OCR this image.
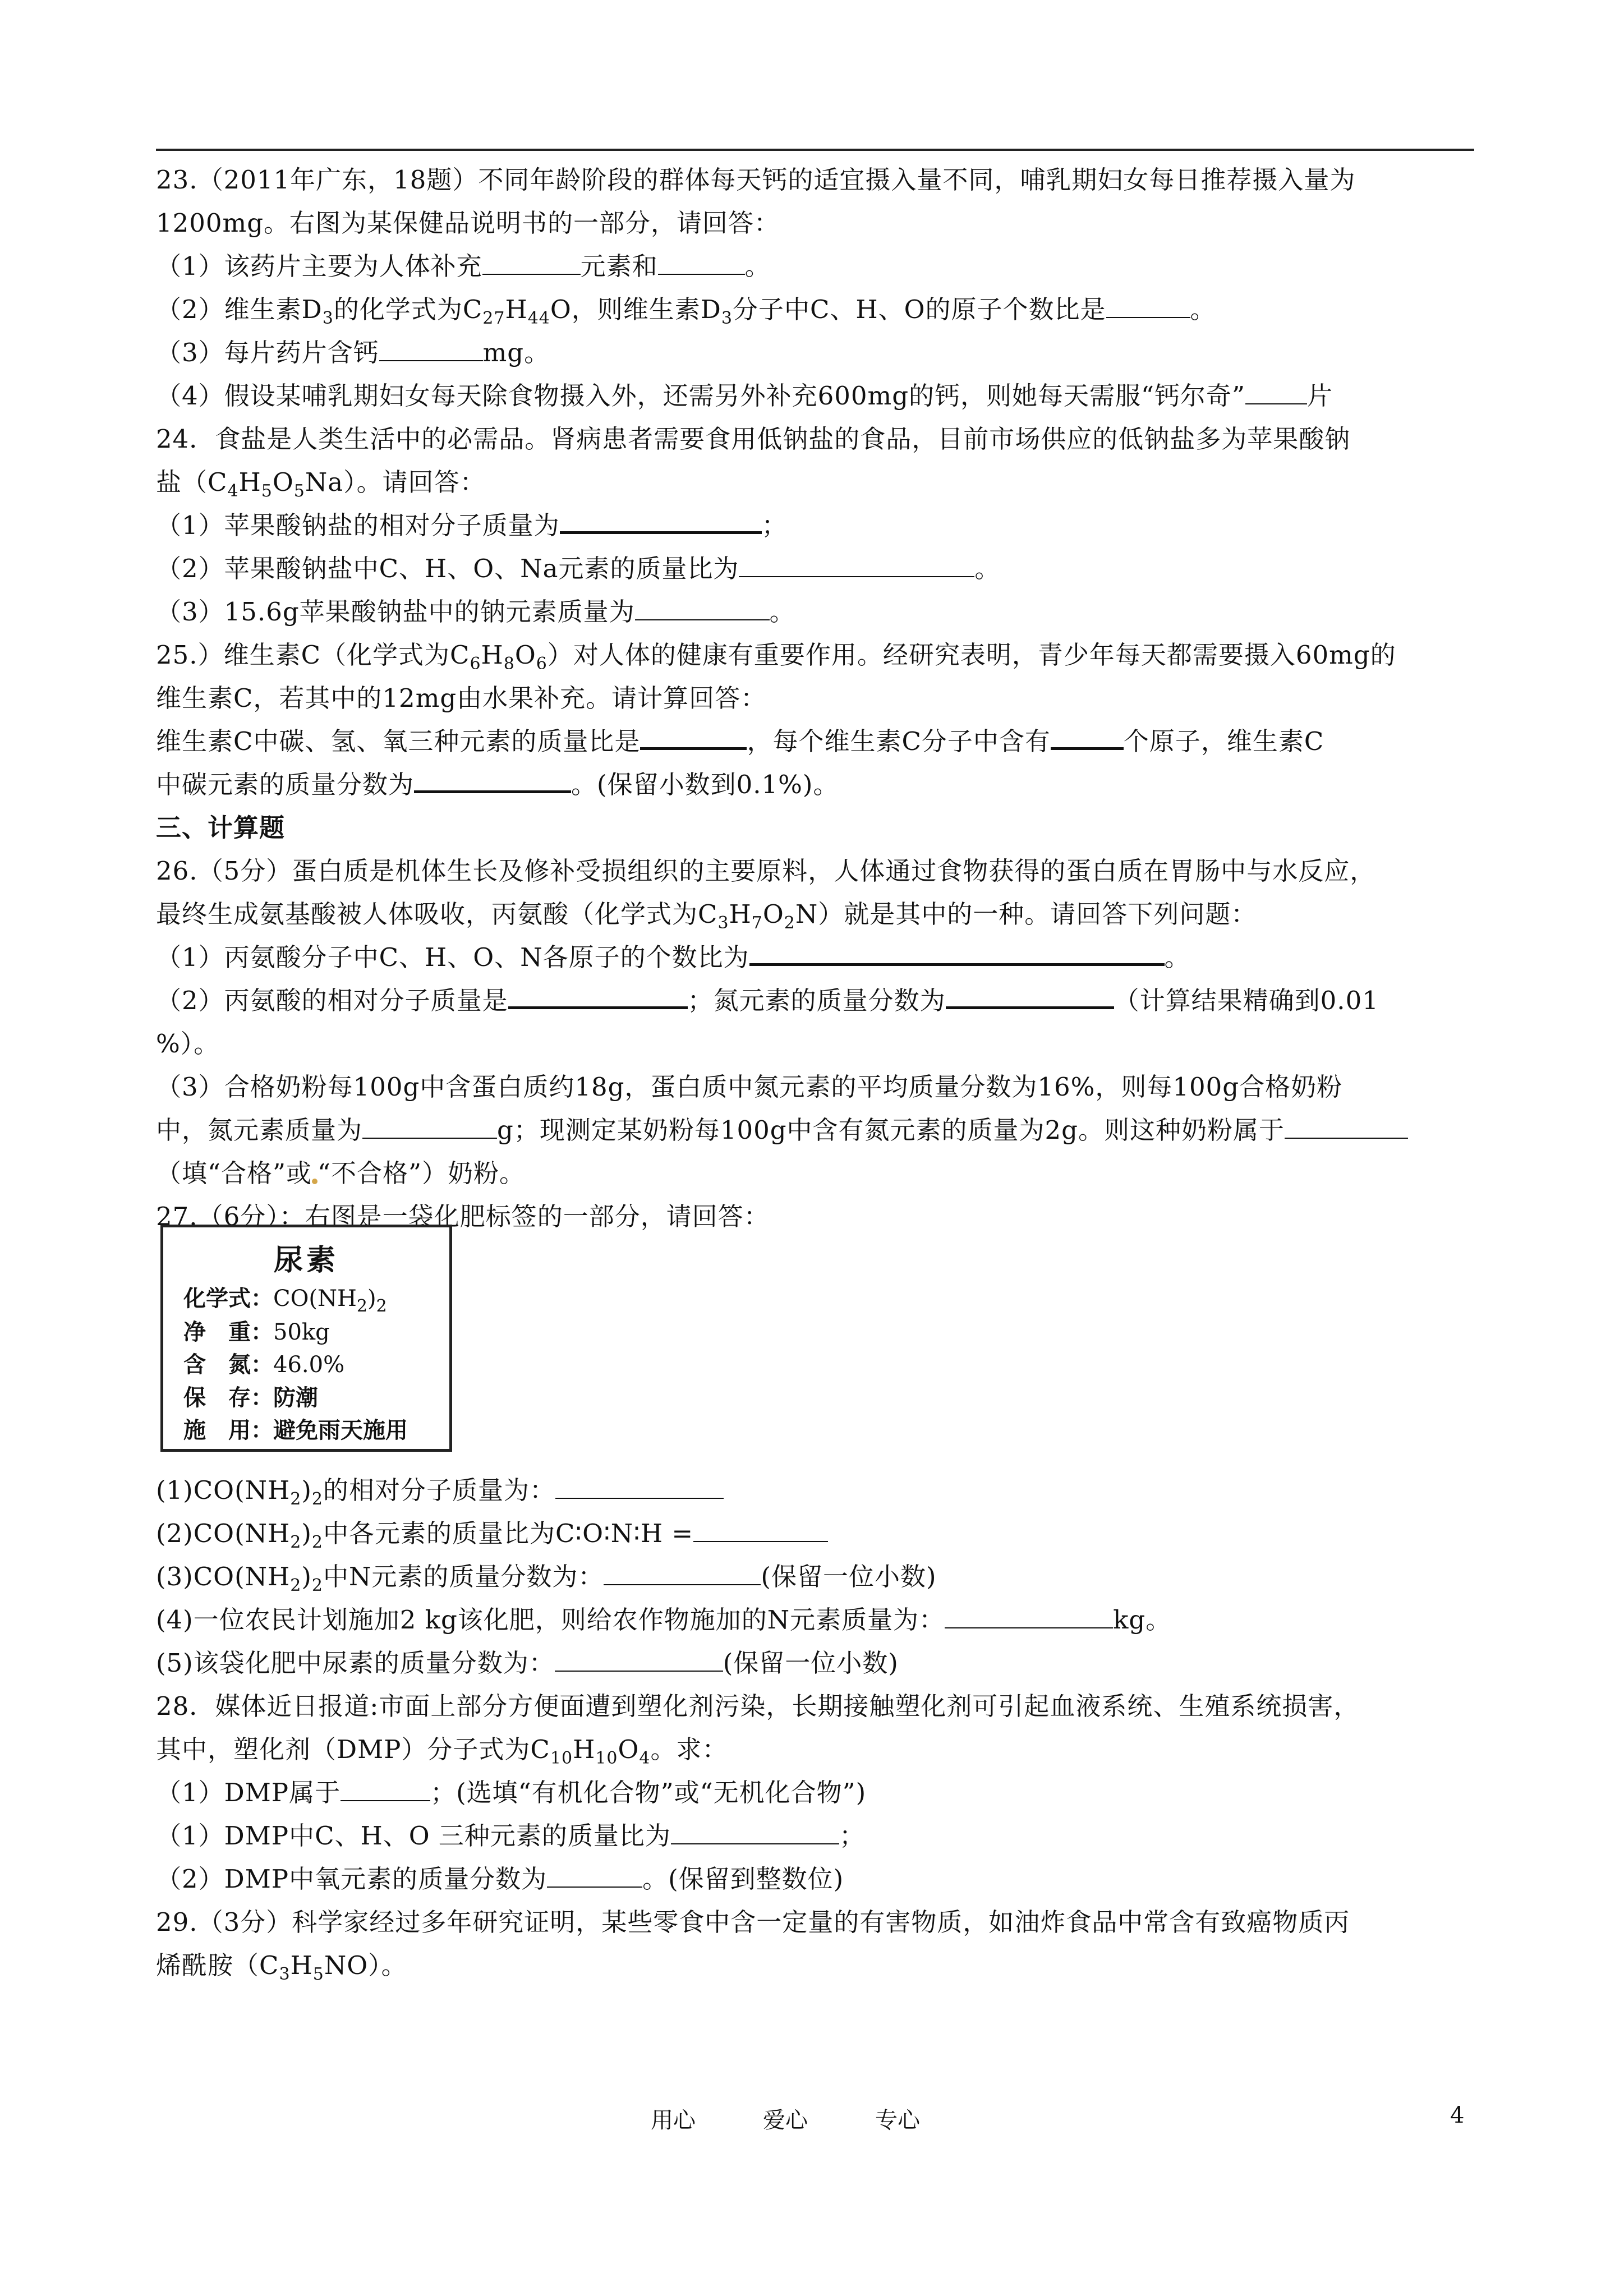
23.（2011年广东，18题）不同年龄阶段的群体每天钙的适宜摄入量不同，哺乳期妇女每日推荐摄入量为
1200mg。右图为某保健品说明书的一部分，请回答：
（1）该药片主要为人体补充	元素和	。
（2）维生素$D_3$的化学式为$C_{27}H_{44}O$，则维生素$D_3$分子中C、H、O的原子个数比是	。
（3）每片药片含钙	mg。
（4）假设某哺乳期妇女每天除食物摄入外，还需另外补充600mg的钙，则她每天需服“钙尔奇” 片
24．食盐是人类生活中的必需品。肾病患者需要食用低钠盐的食品，目前市场供应的低钠盐多为苹果酸钠
盐$(C_4H_5O_5Na)$。请回答：
（1）苹果酸钠盐的相对分子质量为	；
（2）苹果酸钠盐中C、H、O、Na元素的质量比为	。
（3）15.6g苹果酸钠盐中的钠元素质量为	。
25.）维生素C（化学式为$C_6H_8O_6$）对人体的健康有重要作用。经研究表明，青少年每天都需要摄入60mg的
维生素C，若其中的12mg由水果补充。请计算回答：
维生素C中碳、氢、氧三种元素的质量比是	，每个维生素C分子中含有	个原子，维生素C
中碳元素的质量分数为	。(保留小数到0.1%)。
三、计算题
26.（5分）蛋白质是机体生长及修补受损组织的主要原料，人体通过食物获得的蛋白质在胃肠中与水反应，
最终生成氨基酸被人体吸收，丙氨酸（化学式为$C_3H_7O_2N$）就是其中的一种。请回答下列问题：
（1）丙氨酸分子中C、H、O、N各原子的个数比为	。
（2）丙氨酸的相对分子质量是	；氮元素的质量分数为	（计算结果精确到0.01
%）。
（3）合格奶粉每100g中含蛋白质约18g，蛋白质中氮元素的平均质量分数为16%，则每100g合格奶粉
中，氮元素质量为	g；现测定某奶粉每100g中含有氮元素的质量为2g。则这种奶粉属于
（填“合格”或 “不合格”）奶粉。
27.（6分）：右图是一袋化肥标签的一部分，请回答：
尿素
化学式：$CO(NH_2)_2$
净　重：50kg
含　氮：46.0%
保　存：防潮
施　用：避免雨天施用
$(1)CO(NH_2)_2$的相对分子质量为：
$(2)CO(NH_2)_2$中各元素的质量比为C∶O∶N∶H =
$(3)CO(NH_2)_2$中N元素的质量分数为：	(保留一位小数)
(4)一位农民计划施加2 kg该化肥，则给农作物施加的N元素质量为：	kg。
(5)该袋化肥中尿素的质量分数为：	(保留一位小数)
28．媒体近日报道:市面上部分方便面遭到塑化剂污染，长期接触塑化剂可引起血液系统、生殖系统损害，
其中，塑化剂（DMP）分子式为$C_{10}H_{10}O_4$。求：
（1）DMP属于	；(选填“有机化合物”或“无机化合物”)
（1）DMP中C、H、O 三种元素的质量比为	；
（2）DMP中氧元素的质量分数为	。(保留到整数位)
29.（3分）科学家经过多年研究证明，某些零食中含一定量的有害物质，如油炸食品中常含有致癌物质丙
烯酰胺$(C_3H_5NO)$。
用心	爱心	专心	4
